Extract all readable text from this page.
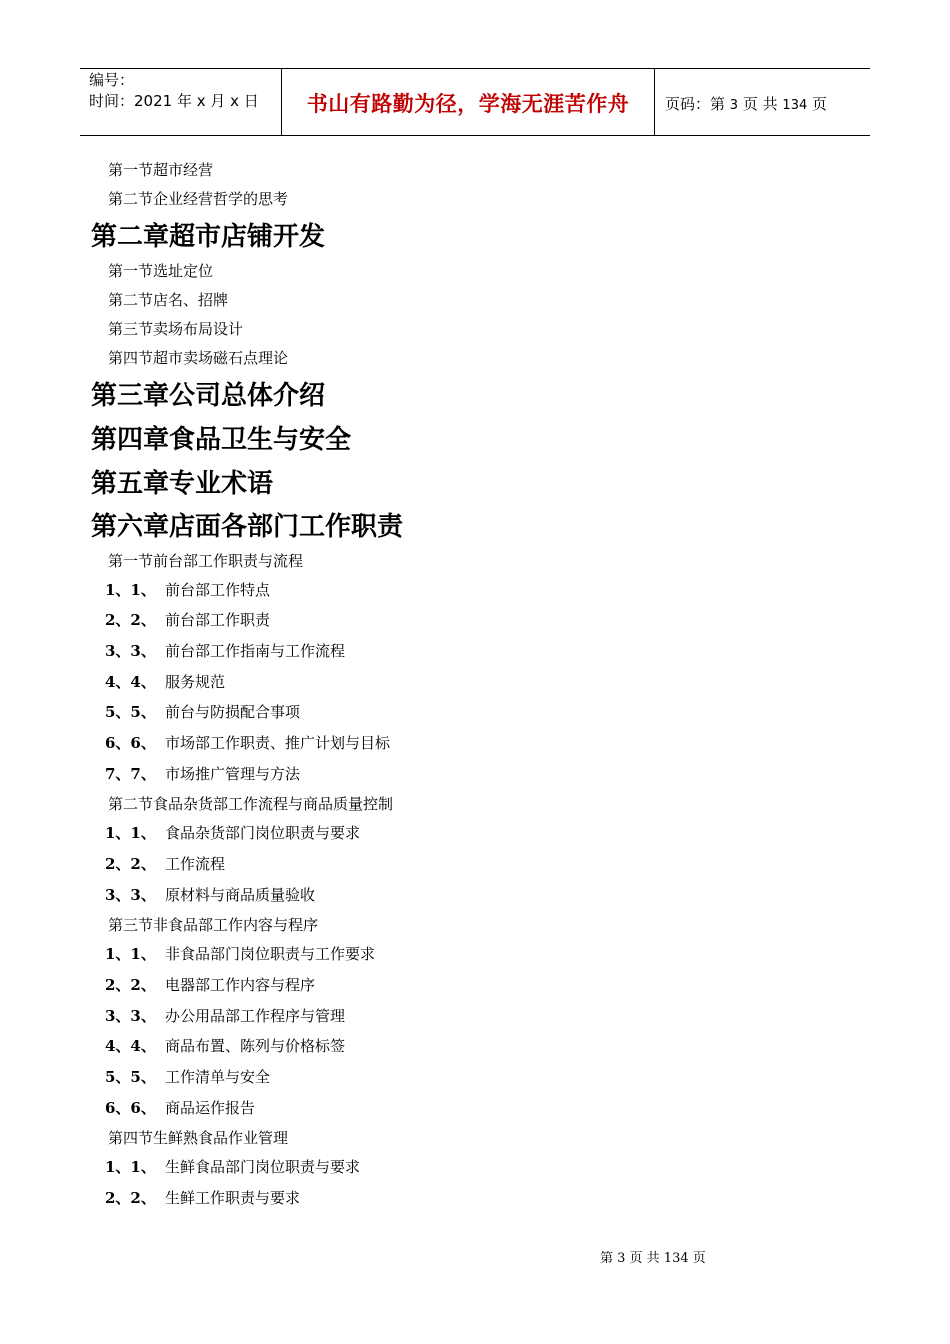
编号：
时间：2021 年 x 月 x 日	书山有路勤为径，学海无涯苦作舟	页码：第 3 页 共 134 页
第一节超市经营
第二节企业经营哲学的思考
第二章超市店铺开发
第一节选址定位
第二节店名、招牌
第三节卖场布局设计
第四节超市卖场磁石点理论
第三章公司总体介绍
第四章食品卫生与安全
第五章专业术语
第六章店面各部门工作职责
第一节前台部工作职责与流程
1、1、 前台部工作特点
2、2、 前台部工作职责
3、3、 前台部工作指南与工作流程
4、4、 服务规范
5、5、 前台与防损配合事项
6、6、 市场部工作职责、推广计划与目标
7、7、 市场推广管理与方法
第二节食品杂货部工作流程与商品质量控制
1、1、 食品杂货部门岗位职责与要求
2、2、 工作流程
3、3、 原材料与商品质量验收
第三节非食品部工作内容与程序
1、1、 非食品部门岗位职责与工作要求
2、2、 电器部工作内容与程序
3、3、 办公用品部工作程序与管理
4、4、 商品布置、陈列与价格标签
5、5、 工作清单与安全
6、6、 商品运作报告
第四节生鲜熟食品作业管理
1、1、 生鲜食品部门岗位职责与要求
2、2、 生鲜工作职责与要求
第 3 页 共 134 页
